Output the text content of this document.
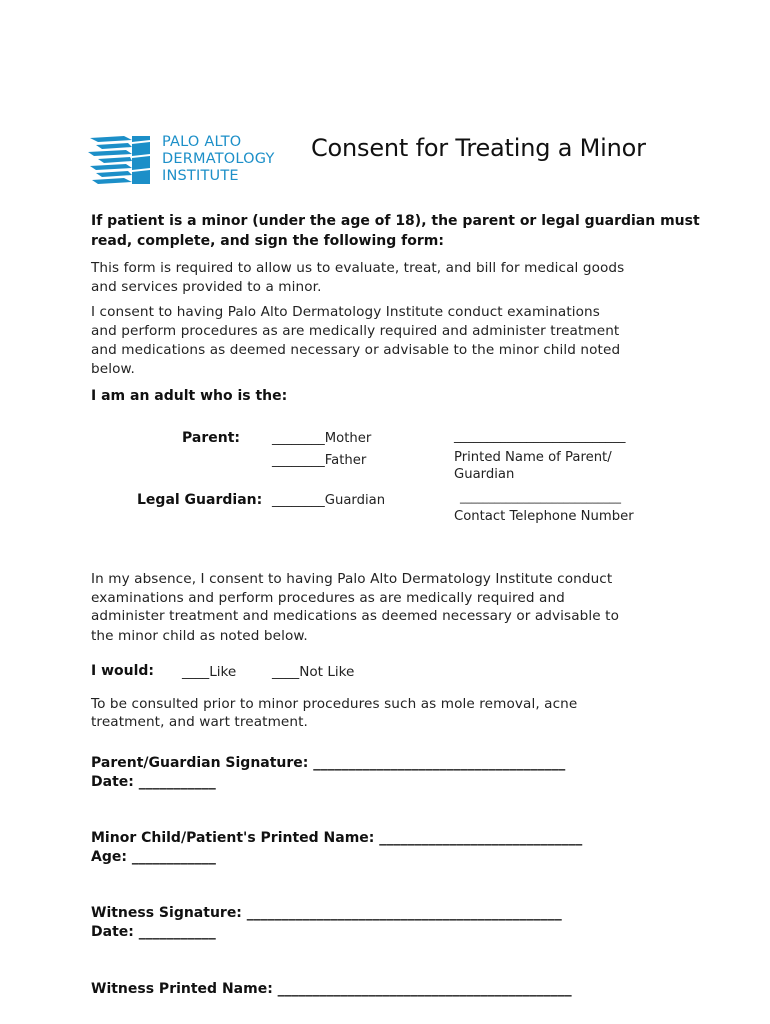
PALO ALTO
DERMATOLOGY
INSTITUTE
Consent for Treating a Minor
If patient is a minor (under the age of 18), the parent or legal guardian must
read, complete, and sign the following form:
This form is required to allow us to evaluate, treat, and bill for medical goods
and services provided to a minor.
I consent to having Palo Alto Dermatology Institute conduct examinations
and perform procedures as are medically required and administer treatment
and medications as deemed necessary or advisable to the minor child noted
below.
I am an adult who is the:
Parent: ________Mother
________Father
Legal Guardian: ________Guardian
__________________________
Printed Name of Parent/
Guardian
____________________________
Contact Telephone Number
In my absence, I consent to having Palo Alto Dermatology Institute conduct
examinations and perform procedures as are medically required and
administer treatment and medications as deemed necessary or advisable to
the minor child as noted below.
I would: ____Like	____Not Like
To be consulted prior to minor procedures such as mole removal, acne
treatment, and wart treatment.
Parent/Guardian Signature: ____________________________________
Date: ___________
Minor Child/Patient's Printed Name: _____________________________
Age: ____________
Witness Signature: _____________________________________________
Date: ___________
Witness Printed Name: __________________________________________
